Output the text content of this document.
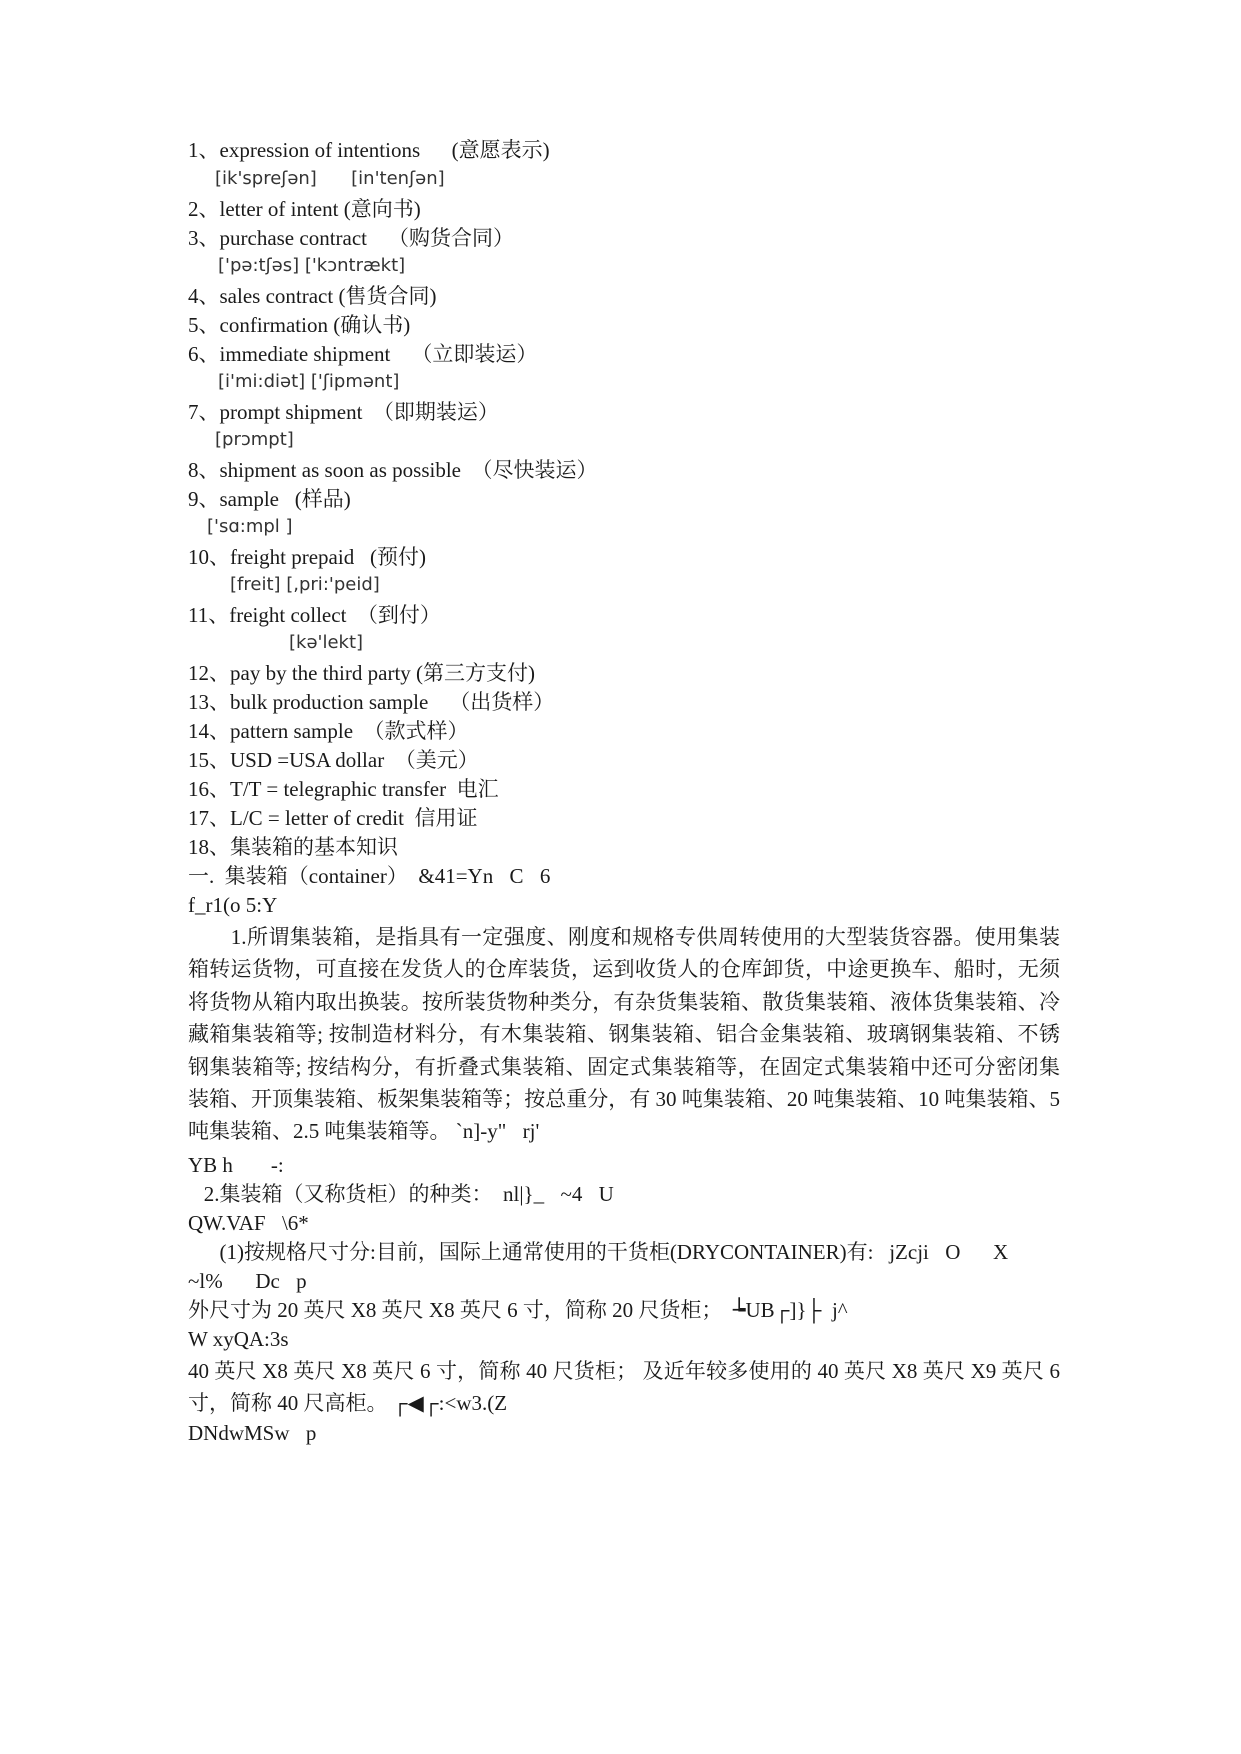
1、expression of intentions      (意愿表示)
[ik'spreʃən]      [in'tenʃən]
2、letter of intent (意向书)
3、purchase contract    （购货合同）
['pə:tʃəs] ['kɔntrækt]
4、sales contract (售货合同)
5、confirmation (确认书)
6、immediate shipment    （立即装运）
[i'mi:diət] ['ʃipmənt]
7、prompt shipment  （即期装运）
[prɔmpt]
8、shipment as soon as possible  （尽快装运）
9、sample   (样品)
['sɑ:mpl ]
10、freight prepaid   (预付)
[freit] [,pri:'peid]
11、freight collect  （到付）
[kə'lekt]
12、pay by the third party (第三方支付)
13、bulk production sample    （出货样）
14、pattern sample  （款式样）
15、USD =USA dollar  （美元）
16、T/T = telegraphic transfer  电汇
17、L/C = letter of credit  信用证
18、集装箱的基本知识
一.  集装箱（container）  &41=Yn C 6
f_r1(o 5:Y
　　1.所谓集装箱，是指具有一定强度、刚度和规格专供周转使用的大型装货容器。使用集装箱转运货物，可直接在发货人的仓库装货，运到收货人的仓库卸货，中途更换车、船时，无须将货物从箱内取出换装。按所装货物种类分，有杂货集装箱、散货集装箱、液体货集装箱、冷藏箱集装箱等; 按制造材料分，有木集装箱、钢集装箱、铝合金集装箱、玻璃钢集装箱、不锈钢集装箱等; 按结构分，有折叠式集装箱、固定式集装箱等，在固定式集装箱中还可分密闭集装箱、开顶集装箱、板架集装箱等；按总重分，有 30 吨集装箱、20 吨集装箱、10 吨集装箱、5 吨集装箱、2.5 吨集装箱等。 `n]-y" rj'
YB h   -:
2.集装箱（又称货柜）的种类：  nl|}_ ~4 U
QW.VAF \6*
(1)按规格尺寸分:目前，国际上通常使用的干货柜(DRYCONTAINER)有:   jZcji O  X
~l%  Dc p
外尺寸为 20 英尺 X8 英尺 X8 英尺 6 寸，简称 20 尺货柜；  ┶UB┌]}├  j^
W xyQA:3s
40 英尺 X8 英尺 X8 英尺 6 寸，简称 40 尺货柜； 及近年较多使用的 40 英尺 X8 英尺 X9 英尺 6 寸，简称 40 尺高柜。 ┌◀┌:<w3.(Z
DNdwMSw p 
